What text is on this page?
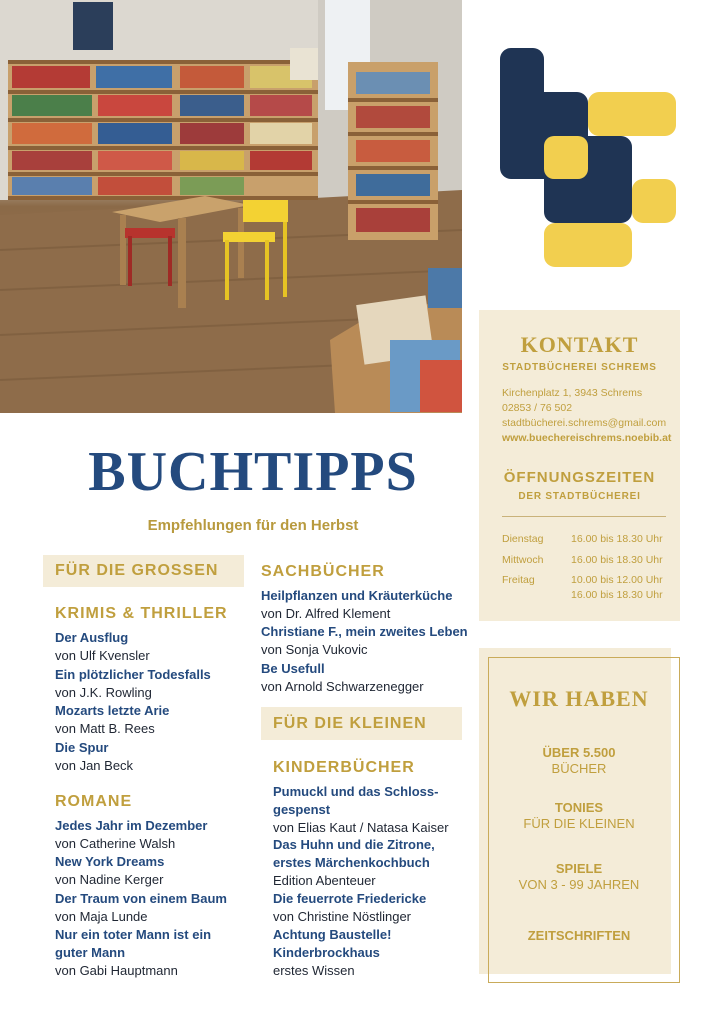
BUCHTIPPS
Empfehlungen für den Herbst
FÜR DIE GROSSEN
KRIMIS & THRILLER
Der Ausflug
von Ulf Kvensler
Ein plötzlicher Todesfalls
von J.K. Rowling
Mozarts letzte Arie
von Matt B. Rees
Die Spur
von Jan Beck
ROMANE
Jedes Jahr im Dezember
von Catherine Walsh
New York Dreams
von Nadine Kerger
Der Traum von einem Baum
von Maja Lunde
Nur ein toter Mann ist ein
guter Mann
von Gabi Hauptmann
SACHBÜCHER
Heilpflanzen und Kräuterküche
von Dr. Alfred Klement
Christiane F., mein zweites Leben
von Sonja Vukovic
Be Usefull
von Arnold Schwarzenegger
FÜR DIE KLEINEN
KINDERBÜCHER
Pumuckl und das Schloss-
gespenst
von Elias Kaut / Natasa Kaiser
Das Huhn und die Zitrone,
erstes Märchenkochbuch
Edition Abenteuer
Die feuerrote Friedericke
von Christine Nöstlinger
Achtung Baustelle!
Kinderbrockhaus
erstes Wissen
KONTAKT
STADTBÜCHEREI SCHREMS
Kirchenplatz 1, 3943 Schrems
02853 / 76 502
stadtbücherei.schrems@gmail.com
www.buechereischrems.noebib.at
ÖFFNUNGSZEITEN
DER STADTBÜCHEREI
Dienstag	16.00 bis 18.30 Uhr
Mittwoch	16.00 bis 18.30 Uhr
Freitag	10.00 bis 12.00 Uhr
16.00 bis 18.30 Uhr
WIR HABEN
ÜBER 5.500
BÜCHER
TONIES
FÜR DIE KLEINEN
SPIELE
VON 3 - 99 JAHREN
ZEITSCHRIFTEN
